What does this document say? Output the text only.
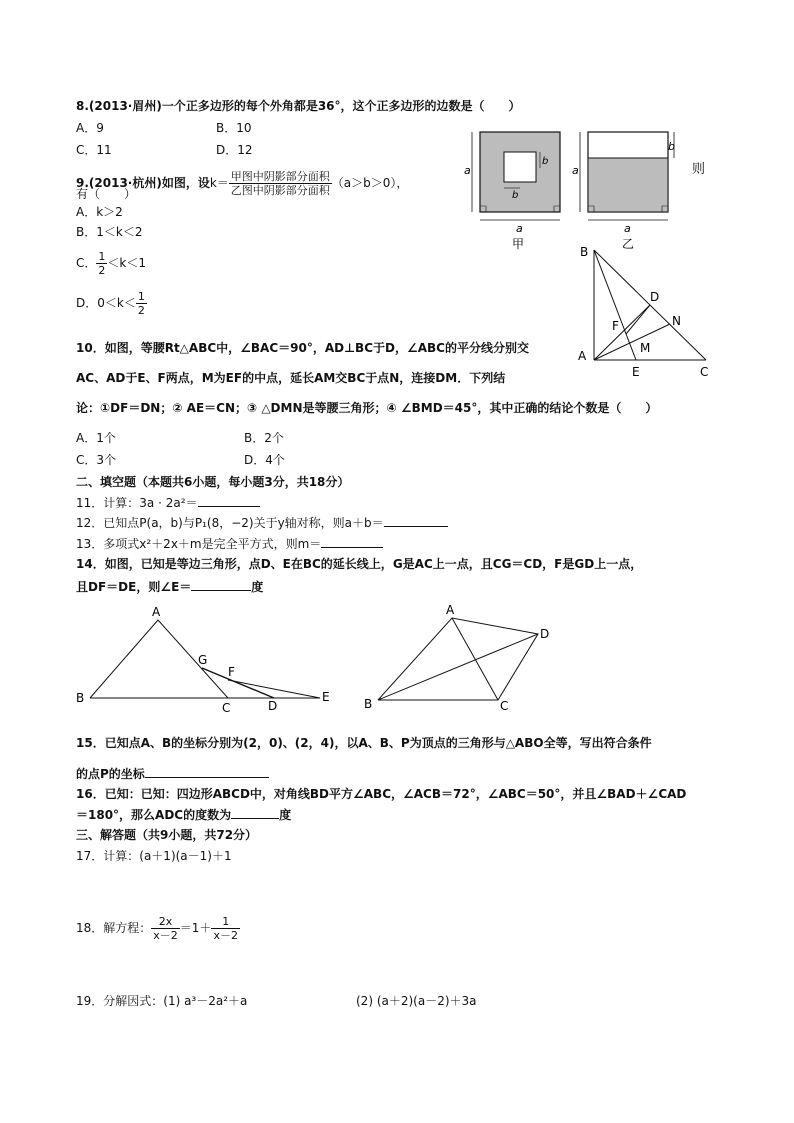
8.(2013·眉州)一个正多边形的每个外角都是36°，这个正多边形的边数是（　　）
A．9	B．10
C．11	D．12
9.(2013·杭州)如图，设$k= \frac{\text{甲图中阴影部分面积}}{\text{乙图中阴影部分面积}} (a>b>0)$，
有（　　）
则
A．k＞2
B．1＜k＜2
C． $\frac{1}{2} <k<1$
D．$0<k< \frac{1}{2}$
a
a
b
b
甲
a
a
b
乙
B
D
F	N
A
M
E	C
10．如图，等腰Rt△ABC中，∠BAC＝90°，AD⊥BC于D，∠ABC的平分线分别交
AC、AD于E、F两点，M为EF的中点，延长AM交BC于点N，连接DM．下列结
论：①DF＝DN；② AE＝CN；③ △DMN是等腰三角形；④ ∠BMD＝45°，其中正确的结论个数是（　　）
A．1个	B．2个
C．3个	D．4个
二、填空题（本题共6小题，每小题3分，共18分）
11．计算：3a · 2a²＝
12．已知点P(a，b)与P₁(8，−2)关于y轴对称，则a＋b＝
13．多项式x²＋2x＋m是完全平方式，则m＝
14．如图，已知是等边三角形，点D、E在BC的延长线上，G是AC上一点，且CG＝CD，F是GD上一点，
且DF＝DE，则∠E＝	度
A
B
C	D
E
F
G
A
B	C
D
15．已知点A、B的坐标分别为(2，0)、(2，4)，以A、B、P为顶点的三角形与△ABO全等，写出符合条件
的点P的坐标
16．已知：已知：四边形ABCD中，对角线BD平方∠ABC，∠ACB＝72°，∠ABC＝50°，并且∠BAD＋∠CAD
＝180°，那么ADC的度数为	度
三、解答题（共9小题，共72分）
17．计算：(a＋1)(a－1)＋1
18．解方程： $\frac{2x}{x-2} =1+ \frac{1}{x-2}$
19．分解因式：(1) a³－2a²＋a	(2) (a＋2)(a－2)＋3a
